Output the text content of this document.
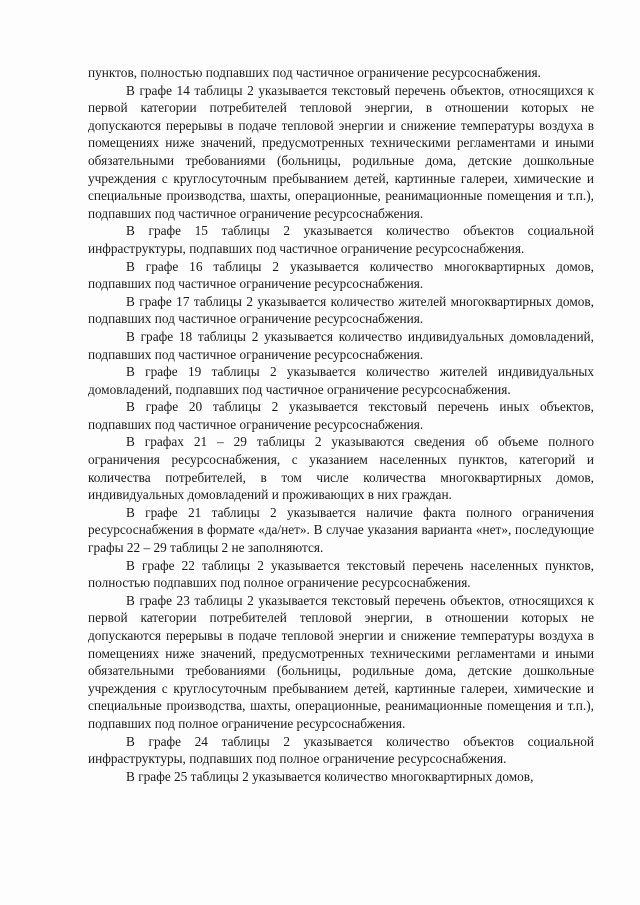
пунктов, полностью подпавших под частичное ограничение ресурсоснабжения.

В графе 14 таблицы 2 указывается текстовый перечень объектов, относящихся к первой категории потребителей тепловой энергии, в отношении которых не допускаются перерывы в подаче тепловой энергии и снижение температуры воздуха в помещениях ниже значений, предусмотренных техническими регламентами и иными обязательными требованиями (больницы, родильные дома, детские дошкольные учреждения с круглосуточным пребыванием детей, картинные галереи, химические и специальные производства, шахты, операционные, реанимационные помещения и т.п.), подпавших под частичное ограничение ресурсоснабжения.

В графе 15 таблицы 2 указывается количество объектов социальной инфраструктуры, подпавших под частичное ограничение ресурсоснабжения.

В графе 16 таблицы 2 указывается количество многоквартирных домов, подпавших под частичное ограничение ресурсоснабжения.

В графе 17 таблицы 2 указывается количество жителей многоквартирных домов, подпавших под частичное ограничение ресурсоснабжения.

В графе 18 таблицы 2 указывается количество индивидуальных домовладений, подпавших под частичное ограничение ресурсоснабжения.

В графе 19 таблицы 2 указывается количество жителей индивидуальных домовладений, подпавших под частичное ограничение ресурсоснабжения.

В графе 20 таблицы 2 указывается текстовый перечень иных объектов, подпавших под частичное ограничение ресурсоснабжения.

В графах 21 – 29 таблицы 2 указываются сведения об объеме полного ограничения ресурсоснабжения, с указанием населенных пунктов, категорий и количества потребителей, в том числе количества многоквартирных домов, индивидуальных домовладений и проживающих в них граждан.

В графе 21 таблицы 2 указывается наличие факта полного ограничения ресурсоснабжения в формате «да/нет». В случае указания варианта «нет», последующие графы 22 – 29 таблицы 2 не заполняются.

В графе 22 таблицы 2 указывается текстовый перечень населенных пунктов, полностью подпавших под полное ограничение ресурсоснабжения.

В графе 23 таблицы 2 указывается текстовый перечень объектов, относящихся к первой категории потребителей тепловой энергии, в отношении которых не допускаются перерывы в подаче тепловой энергии и снижение температуры воздуха в помещениях ниже значений, предусмотренных техническими регламентами и иными обязательными требованиями (больницы, родильные дома, детские дошкольные учреждения с круглосуточным пребыванием детей, картинные галереи, химические и специальные производства, шахты, операционные, реанимационные помещения и т.п.), подпавших под полное ограничение ресурсоснабжения.

В графе 24 таблицы 2 указывается количество объектов социальной инфраструктуры, подпавших под полное ограничение ресурсоснабжения.

В графе 25 таблицы 2 указывается количество многоквартирных домов,
